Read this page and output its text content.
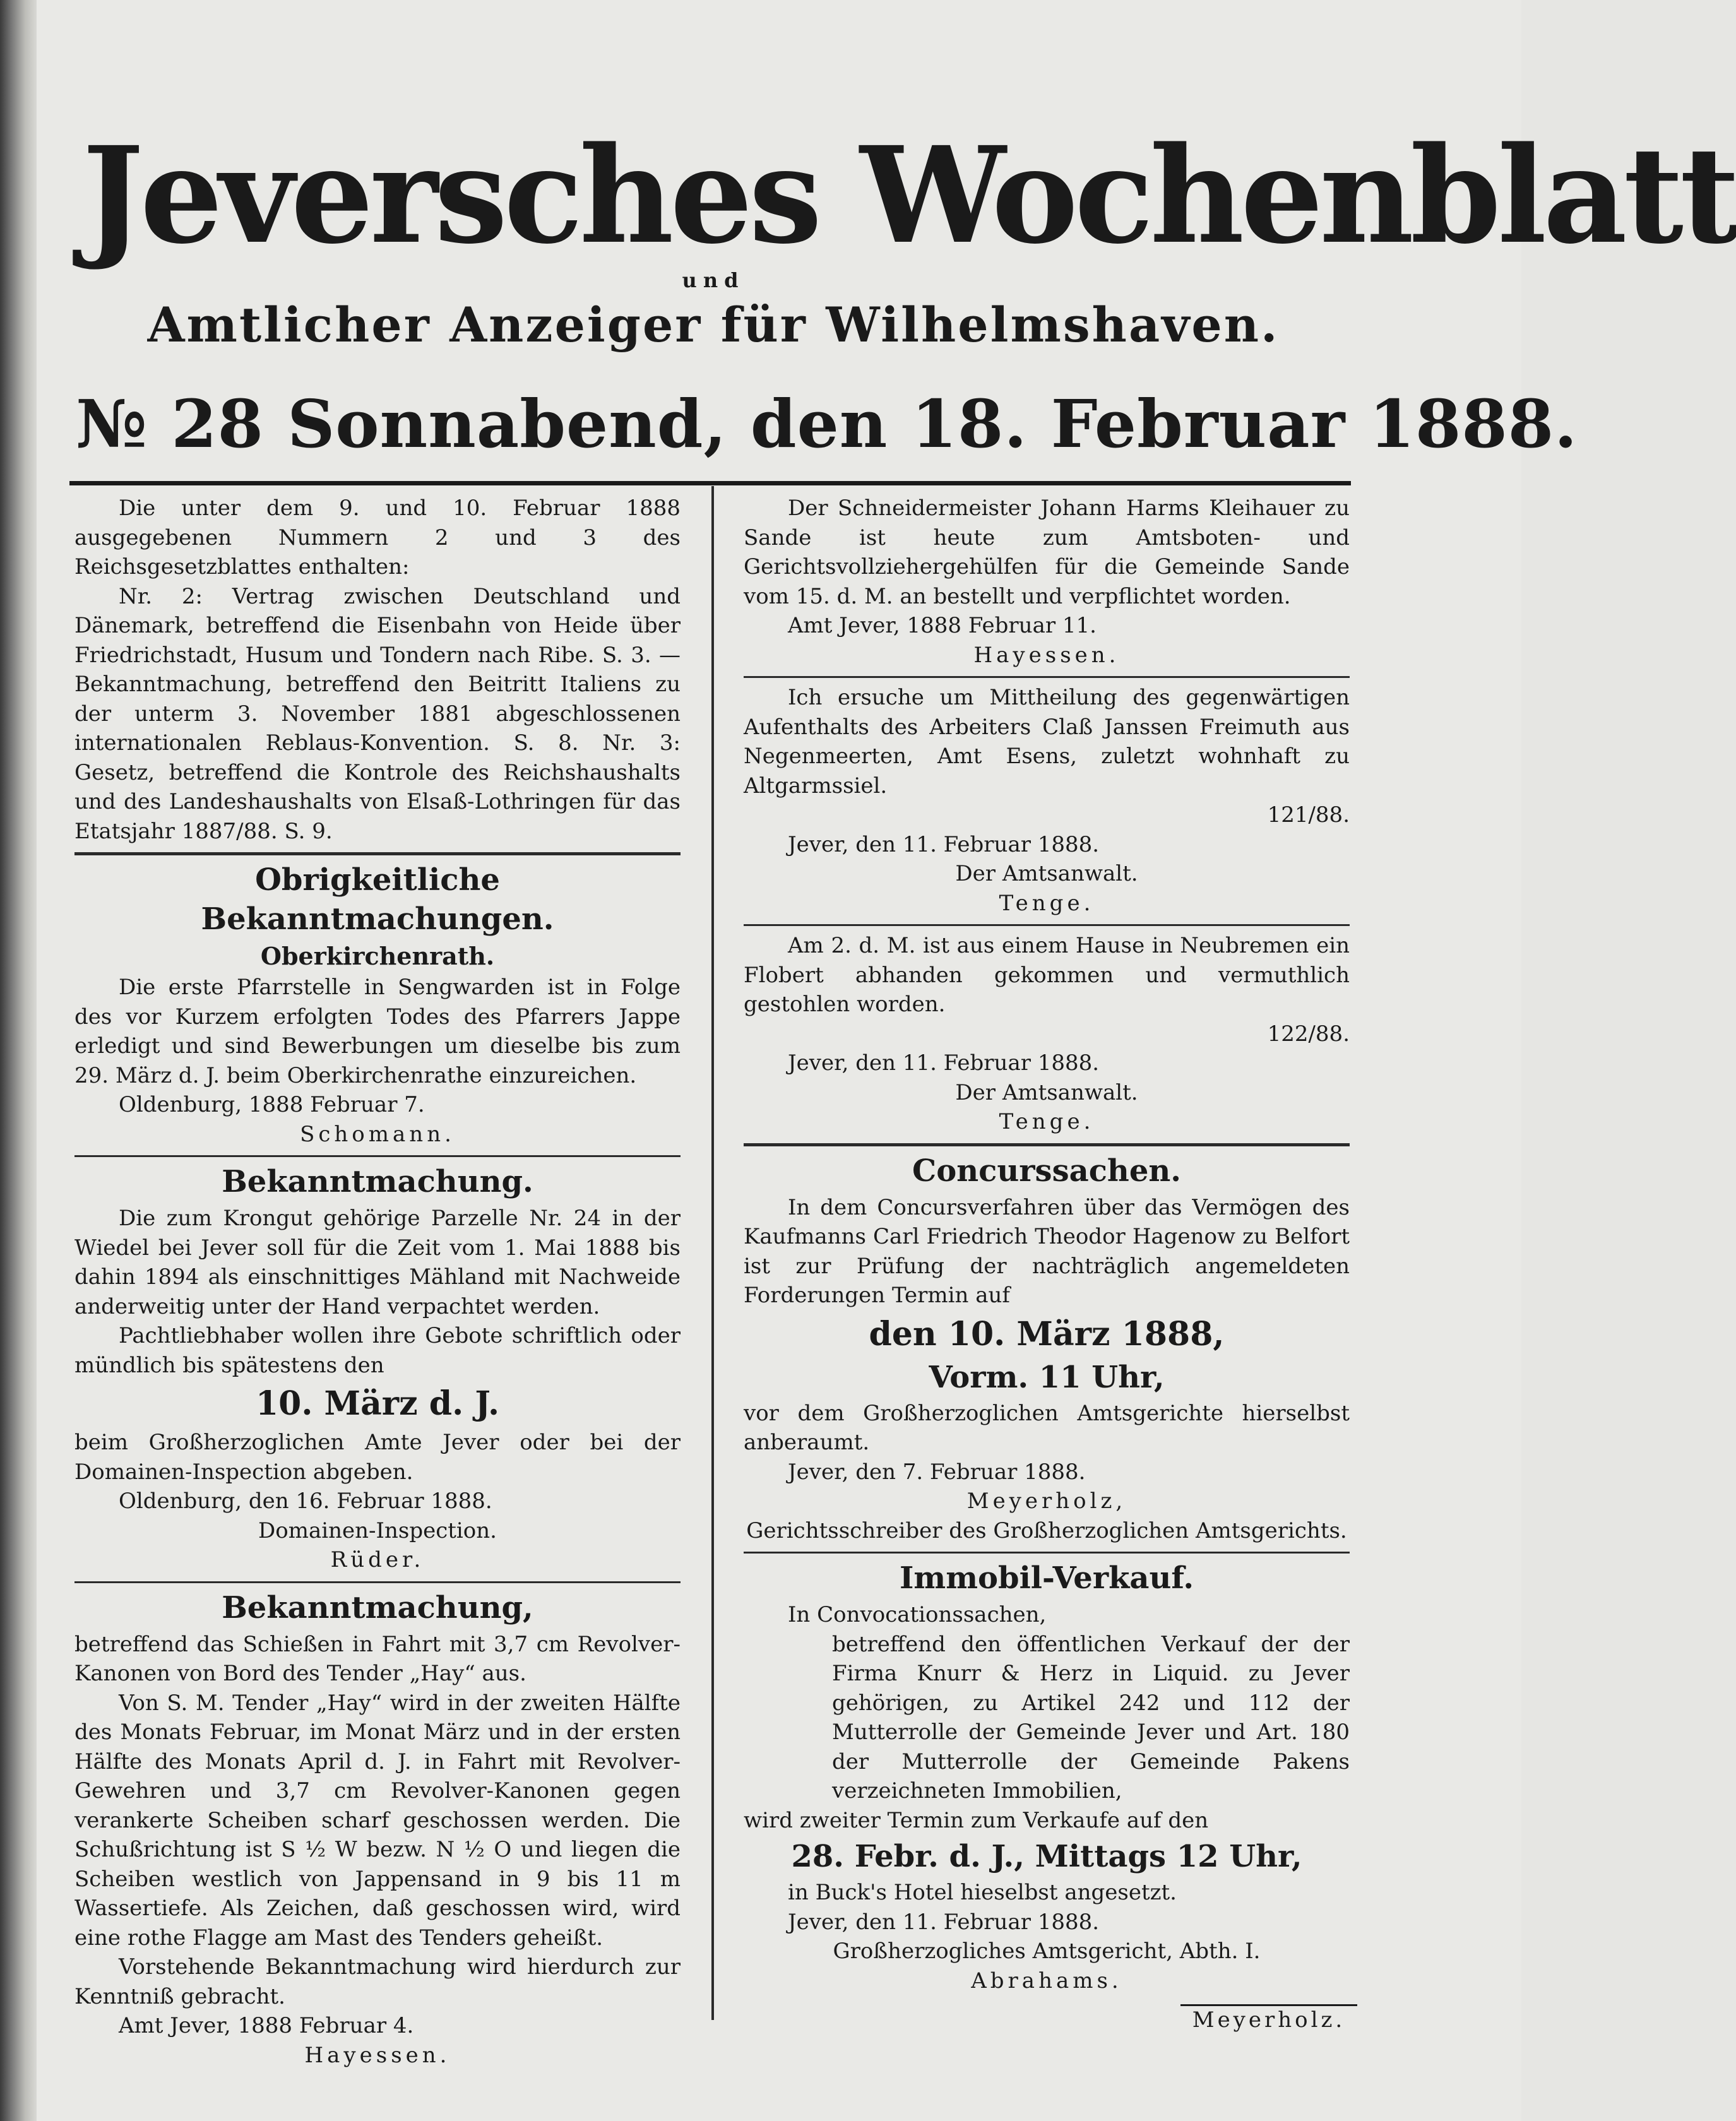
Jeversches Wochenblatt
und
Amtlicher Anzeiger für Wilhelmshaven.
№ 28 Sonnabend, den 18. Februar 1888.

Die unter dem 9. und 10. Februar 1888 ausgegebenen Nummern 2 und 3 des Reichsgesetzblattes enthalten:

Nr. 2: Vertrag zwischen Deutschland und Dänemark, betreffend die Eisenbahn von Heide über Friedrichstadt, Husum und Tondern nach Ribe. S. 3. — Bekanntmachung, betreffend den Beitritt Italiens zu der unterm 3. November 1881 abgeschlossenen internationalen Reblaus-Konvention. S. 8. Nr. 3: Gesetz, betreffend die Kontrole des Reichshaushalts und des Landeshaushalts von Elsaß-Lothringen für das Etatsjahr 1887/88. S. 9.

Obrigkeitliche Bekanntmachungen.
Oberkirchenrath.

Die erste Pfarrstelle in Sengwarden ist in Folge des vor Kurzem erfolgten Todes des Pfarrers Jappe erledigt und sind Bewerbungen um dieselbe bis zum 29. März d. J. beim Oberkirchenrathe einzureichen.

Oldenburg, 1888 Februar 7.

Schomann.

Bekanntmachung.

Die zum Krongut gehörige Parzelle Nr. 24 in der Wiedel bei Jever soll für die Zeit vom 1. Mai 1888 bis dahin 1894 als einschnittiges Mähland mit Nachweide anderweitig unter der Hand verpachtet werden.

Pachtliebhaber wollen ihre Gebote schriftlich oder mündlich bis spätestens den

10. März d. J.

beim Großherzoglichen Amte Jever oder bei der Domainen-Inspection abgeben.

Oldenburg, den 16. Februar 1888.

Domainen-Inspection.

Rüder.

Bekanntmachung,

betreffend das Schießen in Fahrt mit 3,7 cm Revolver-Kanonen von Bord des Tender „Hay“ aus.

Von S. M. Tender „Hay“ wird in der zweiten Hälfte des Monats Februar, im Monat März und in der ersten Hälfte des Monats April d. J. in Fahrt mit Revolver-Gewehren und 3,7 cm Revolver-Kanonen gegen verankerte Scheiben scharf geschossen werden. Die Schußrichtung ist S ½ W bezw. N ½ O und liegen die Scheiben westlich von Jappensand in 9 bis 11 m Wassertiefe. Als Zeichen, daß geschossen wird, wird eine rothe Flagge am Mast des Tenders geheißt.

Vorstehende Bekanntmachung wird hierdurch zur Kenntniß gebracht.

Amt Jever, 1888 Februar 4.

Hayessen.

Der Schneidermeister Johann Harms Kleihauer zu Sande ist heute zum Amtsboten- und Gerichtsvollziehergehülfen für die Gemeinde Sande vom 15. d. M. an bestellt und verpflichtet worden.

Amt Jever, 1888 Februar 11.

Hayessen.

Ich ersuche um Mittheilung des gegenwärtigen Aufenthalts des Arbeiters Claß Janssen Freimuth aus Negenmeerten, Amt Esens, zuletzt wohnhaft zu Altgarmssiel.

121/88.

Jever, den 11. Februar 1888.

Der Amtsanwalt.

Tenge.

Am 2. d. M. ist aus einem Hause in Neubremen ein Flobert abhanden gekommen und vermuthlich gestohlen worden.

122/88.

Jever, den 11. Februar 1888.

Der Amtsanwalt.

Tenge.

Concurssachen.

In dem Concursverfahren über das Vermögen des Kaufmanns Carl Friedrich Theodor Hagenow zu Belfort ist zur Prüfung der nachträglich angemeldeten Forderungen Termin auf

den 10. März 1888,
Vorm. 11 Uhr,

vor dem Großherzoglichen Amtsgerichte hierselbst anberaumt.

Jever, den 7. Februar 1888.

Meyerholz,

Gerichtsschreiber des Großherzoglichen Amtsgerichts.

Immobil-Verkauf.

In Convocationssachen,

betreffend den öffentlichen Verkauf der der Firma Knurr & Herz in Liquid. zu Jever gehörigen, zu Artikel 242 und 112 der Mutterrolle der Gemeinde Jever und Art. 180 der Mutterrolle der Gemeinde Pakens verzeichneten Immobilien,

wird zweiter Termin zum Verkaufe auf den

28. Febr. d. J., Mittags 12 Uhr,

in Buck's Hotel hieselbst angesetzt.

Jever, den 11. Februar 1888.

Großherzogliches Amtsgericht, Abth. I.

Abrahams.

Meyerholz.
